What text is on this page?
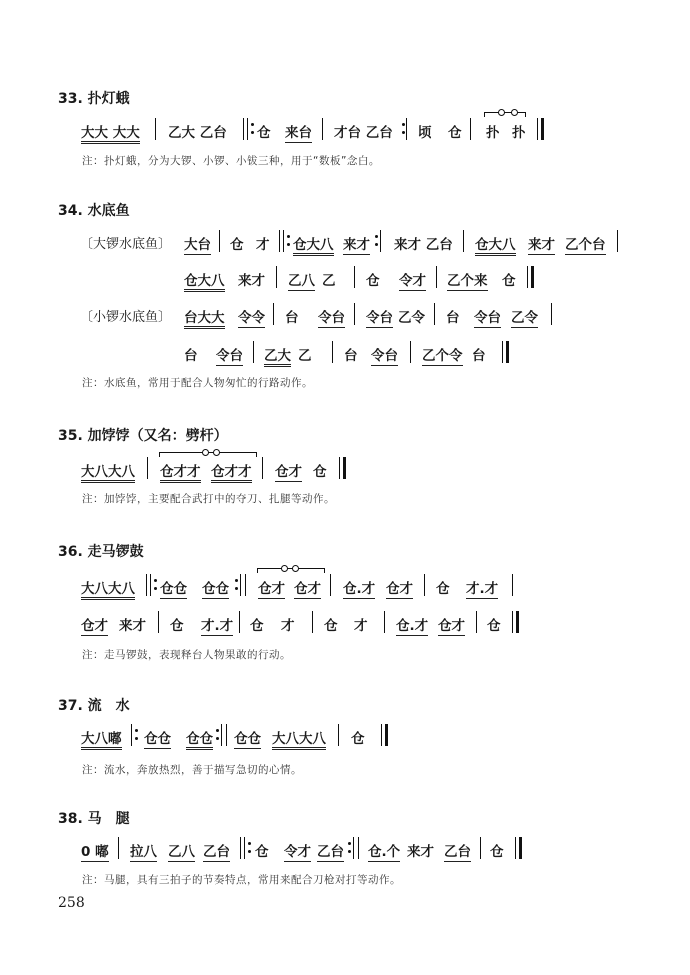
33. 扑灯蛾
大大 大大 乙大 乙台 仓 来台 才台 乙台 顷 仓 扑 扑
注：扑灯蛾，分为大锣、小锣、小钹三种，用于“数板”念白。
34. 水底鱼
〔大锣水底鱼〕 大台 仓 才 仓大八 来才 来才 乙台 仓大八 来才 乙个台
仓大八 来才 乙八 乙 仓 令才 乙个来 仓
〔小锣水底鱼〕 台大大 令令 台 令台 令台 乙令 台 令台 乙令
台 令台 乙大 乙 台 令台 乙个令 台
注：水底鱼，常用于配合人物匆忙的行路动作。
35. 加饽饽（又名：劈杆）
大八大八 仓才才 仓才才 仓才 仓
注：加饽饽，主要配合武打中的夺刀、扎腿等动作。
36. 走马锣鼓
大八大八 仓仓 仓仓 仓才 仓才 仓.才 仓才 仓 才.才
仓才 来才 仓 才.才 仓 才 仓 才 仓.才 仓才 仓
注：走马锣鼓，表现释台人物果敢的行动。
37. 流　水
大八嘟 仓仓 仓仓 仓仓 大八大八 仓
注：流水，奔放热烈，善于描写急切的心情。
38. 马　腿
0 嘟 拉八 乙八 乙台 仓 令才 乙台 仓.个 来才 乙台 仓
注：马腿，具有三拍子的节奏特点，常用来配合刀枪对打等动作。
258
